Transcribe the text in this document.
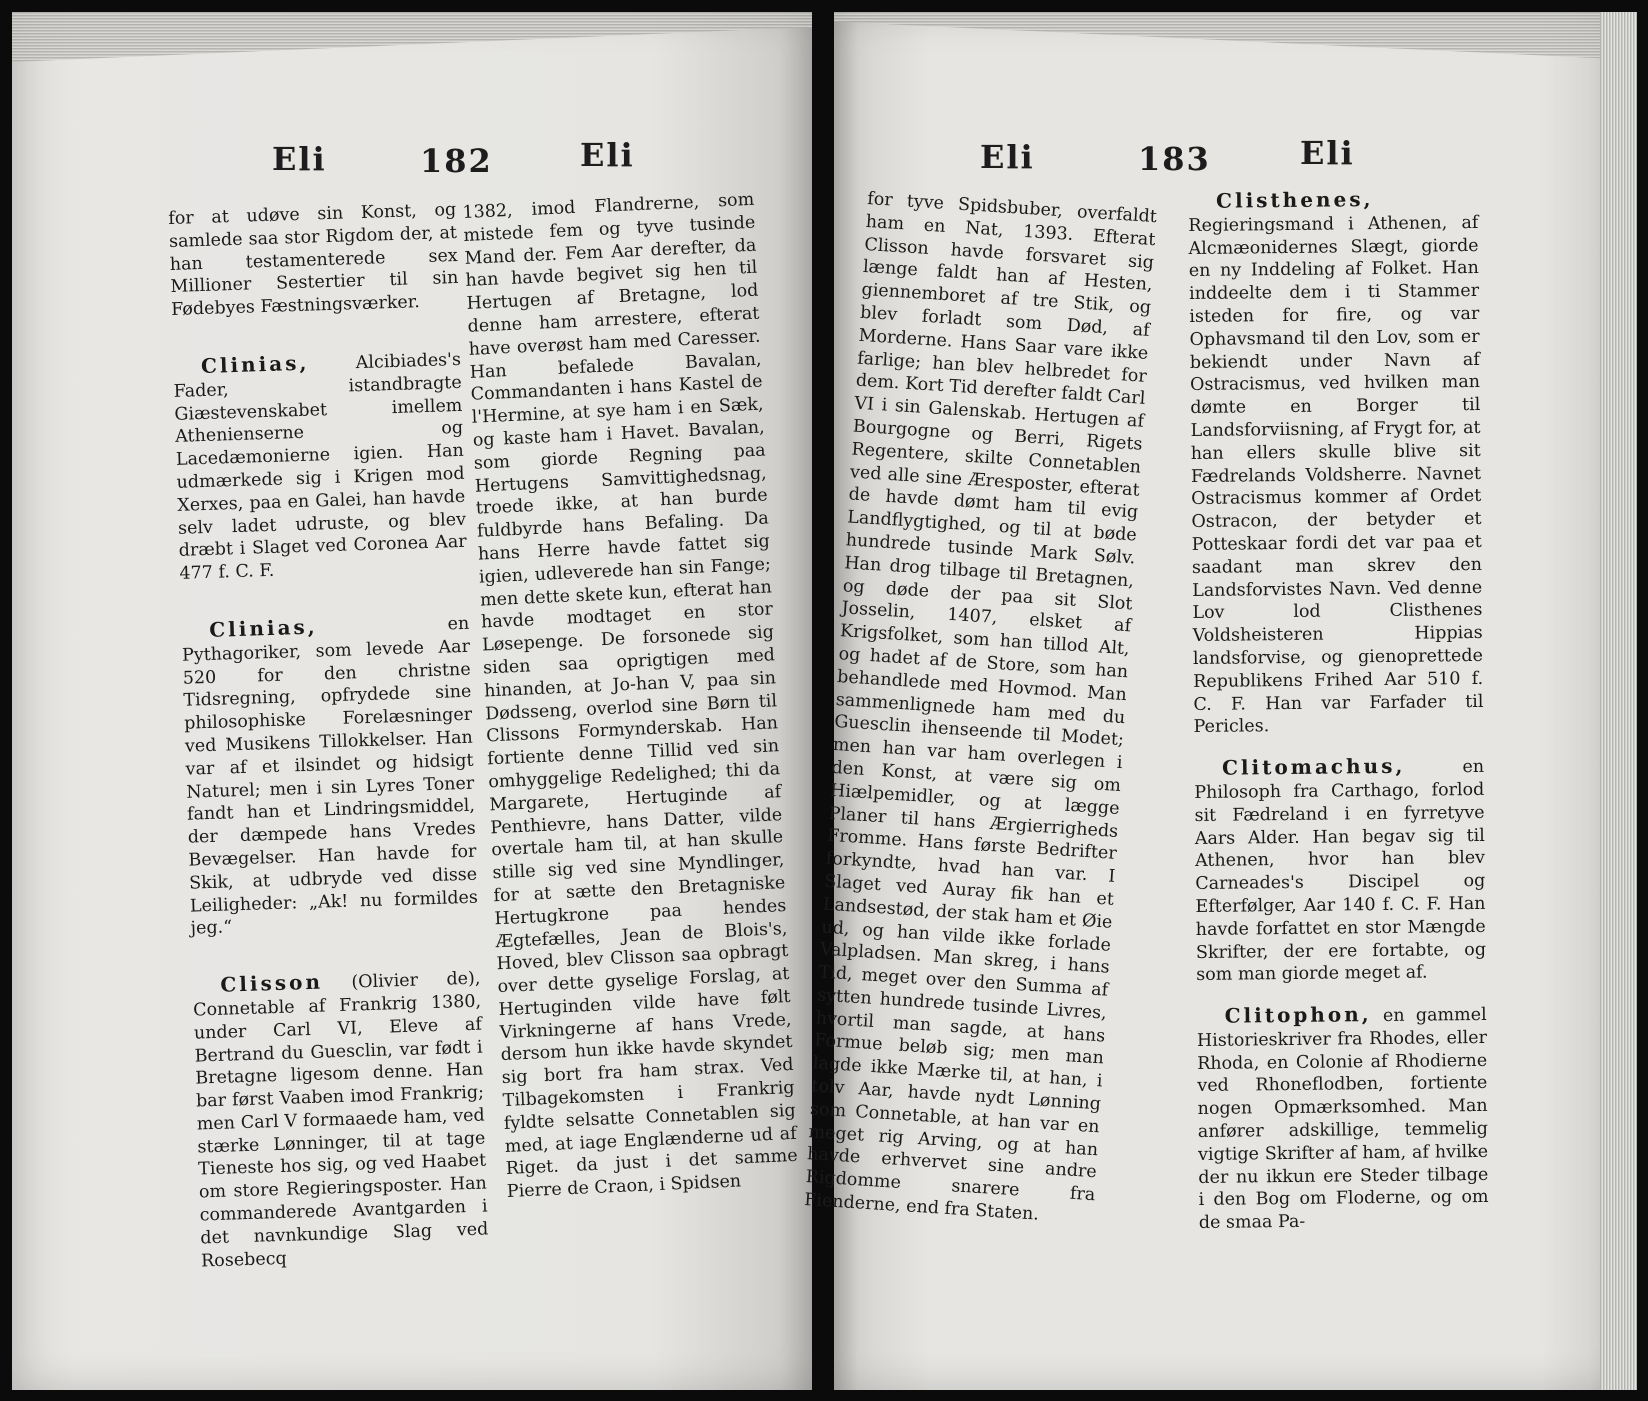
Eli	182	Eli

for at udøve sin Konst, og samlede saa stor Rigdom der, at han testamenterede sex Millioner Sestertier til sin Fødebyes Fæstningsværker.

Clinias,	Alcibiades's Fader, istandbragte Giæstevenskabet imellem Athenienserne og Lacedæmonierne igien. Han udmærkede sig i Krigen mod Xerxes, paa en Galei, han havde selv ladet udruste, og blev dræbt i Slaget ved Coronea Aar 477 f. C. F.

Clinias,	en Pythagoriker, som levede Aar 520 for den christne Tidsregning, opfrydede sine philosophiske Forelæsninger ved Musikens Tillokkelser. Han var af et ilsindet og hidsigt Naturel; men i sin Lyres Toner fandt han et Lindringsmiddel, der dæmpede hans Vredes Bevægelser. Han havde for Skik, at udbryde ved disse Leiligheder: „Ak! nu formildes jeg.“

Clisson (Olivier de), Connetable af Frankrig 1380, under Carl VI, Eleve af Bertrand du Guesclin, var født i Bretagne ligesom denne. Han bar først Vaaben imod Frankrig; men Carl V formaaede ham, ved stærke Lønninger, til at tage Tieneste hos sig, og ved Haabet om store Regieringsposter. Han commanderede Avantgarden i det navnkundige Slag ved Rosebecq

1382, imod Flandrerne, som mistede fem og tyve tusinde Mand der. Fem Aar derefter, da han havde begivet sig hen til Hertugen af Bretagne, lod denne ham arrestere, efterat have overøst ham med Caresser. Han befalede Bavalan, Commandanten i hans Kastel de l'Hermine, at sye ham i en Sæk, og kaste ham i Havet. Bavalan, som giorde Regning paa Hertugens Samvittighedsnag, troede ikke, at han burde fuldbyrde hans Befaling. Da hans Herre havde fattet sig igien, udleverede han sin Fange; men dette skete kun, efterat han havde modtaget en stor Løsepenge. De forsonede sig siden saa oprigtigen med hinanden, at Jo-han V, paa sin Dødsseng, overlod sine Børn til Clissons Formynderskab. Han fortiente denne Tillid ved sin omhyggelige Redelighed; thi da Margarete, Hertuginde af Penthievre, hans Datter, vilde overtale ham til, at han skulle stille sig ved sine Myndlinger, for at sætte den Bretagniske Hertugkrone paa hendes Ægtefælles, Jean de Blois's, Hoved, blev Clisson saa opbragt over dette gyselige Forslag, at Hertuginden vilde have følt Virkningerne af hans Vrede, dersom hun ikke havde skyndet sig bort fra ham strax. Ved Tilbagekomsten i Frankrig fyldte selsatte Connetablen sig med, at iage Englænderne ud af Riget. da just i det samme Pierre de Craon, i Spidsen

Eli	183	Eli

for tyve Spidsbuber, overfaldt ham en Nat, 1393. Efterat Clisson havde forsvaret sig længe faldt han af Hesten, giennemboret af tre Stik, og blev forladt som Død, af Morderne. Hans Saar vare ikke farlige; han blev helbredet for dem. Kort Tid derefter faldt Carl VI i sin Galenskab. Hertugen af Bourgogne og Berri, Rigets Regentere, skilte Connetablen ved alle sine Æresposter, efterat de havde dømt ham til evig Landflygtighed, og til at bøde hundrede tusinde Mark Sølv. Han drog tilbage til Bretagnen, og døde der paa sit Slot Josselin, 1407, elsket af Krigsfolket, som han tillod Alt, og hadet af de Store, som han behandlede med Hovmod. Man sammenlignede ham med du Guesclin ihenseende til Modet; men han var ham overlegen i den Konst, at være sig om Hiælpemidler, og at lægge Planer til hans Ærgierrigheds Fromme. Hans første Bedrifter forkyndte, hvad han var. I Slaget ved Auray fik han et Landsestød, der stak ham et Øie ud, og han vilde ikke forlade Valpladsen. Man skreg, i hans Tid, meget over den Summa af sytten hundrede tusinde Livres, hvortil man sagde, at hans Formue beløb sig; men man lagde ikke Mærke til, at han, i tolv Aar, havde nydt Lønning som Connetable, at han var en meget rig Arving, og at han havde erhvervet sine andre Rigdomme snarere fra Fienderne, end fra Staten.

Clisthenes, Regieringsmand i Athenen, af Alcmæonidernes Slægt, giorde en ny Inddeling af Folket. Han inddeelte dem i ti Stammer isteden for fire, og var Ophavsmand til den Lov, som er bekiendt under Navn af Ostracismus, ved hvilken man dømte en Borger til Landsforviisning, af Frygt for, at han ellers skulle blive sit Fædrelands Voldsherre. Navnet Ostracismus kommer af Ordet Ostracon, der betyder et Potteskaar fordi det var paa et saadant man skrev den Landsforvistes Navn. Ved denne Lov lod Clisthenes Voldsheisteren Hippias landsforvise, og gienoprettede Republikens Frihed Aar 510 f. C. F. Han var Farfader til Pericles.

Clitomachus,	en Philosoph fra Carthago, forlod sit Fædreland i en fyrretyve Aars Alder. Han begav sig til Athenen, hvor han blev Carneades's Discipel og Efterfølger, Aar 140 f. C. F. Han havde forfattet en stor Mængde Skrifter, der ere fortabte, og som man giorde meget af.

Clitophon, en gammel Historieskriver fra Rhodes, eller Rhoda, en Colonie af Rhodierne ved Rhoneflodben, fortiente nogen Opmærksomhed. Man anfører adskillige, temmelig vigtige Skrifter af ham, af hvilke der nu ikkun ere Steder tilbage i den Bog om Floderne, og om de smaa Pa-
